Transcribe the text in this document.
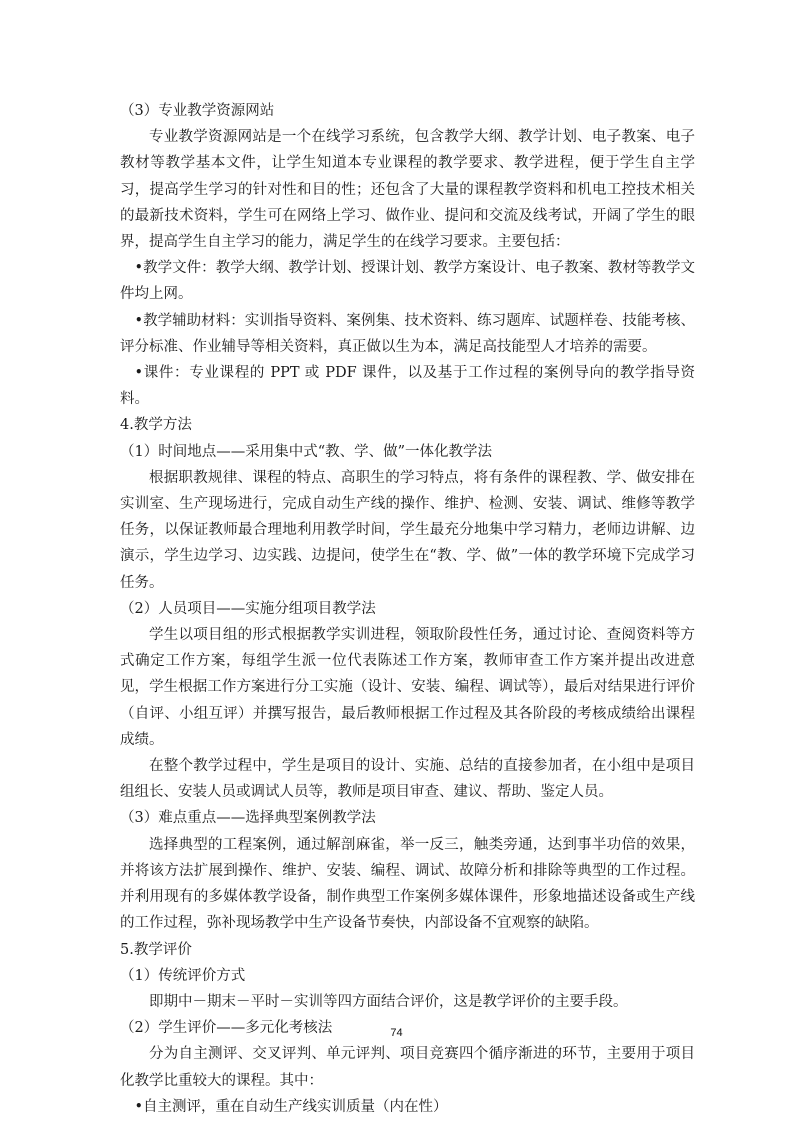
（3）专业教学资源网站

专业教学资源网站是一个在线学习系统，包含教学大纲、教学计划、电子教案、电子教材等教学基本文件，让学生知道本专业课程的教学要求、教学进程，便于学生自主学习，提高学生学习的针对性和目的性；还包含了大量的课程教学资料和机电工控技术相关的最新技术资料，学生可在网络上学习、做作业、提问和交流及线考试，开阔了学生的眼界，提高学生自主学习的能力，满足学生的在线学习要求。主要包括：

•教学文件：教学大纲、教学计划、授课计划、教学方案设计、电子教案、教材等教学文件均上网。

•教学辅助材料：实训指导资料、案例集、技术资料、练习题库、试题样卷、技能考核、评分标准、作业辅导等相关资料，真正做以生为本，满足高技能型人才培养的需要。

•课件：专业课程的 PPT 或 PDF 课件，以及基于工作过程的案例导向的教学指导资料。

4.教学方法

（1）时间地点——采用集中式“教、学、做”一体化教学法

根据职教规律、课程的特点、高职生的学习特点，将有条件的课程教、学、做安排在实训室、生产现场进行，完成自动生产线的操作、维护、检测、安装、调试、维修等教学任务，以保证教师最合理地利用教学时间，学生最充分地集中学习精力，老师边讲解、边演示，学生边学习、边实践、边提问，使学生在“教、学、做”一体的教学环境下完成学习任务。

（2）人员项目——实施分组项目教学法

学生以项目组的形式根据教学实训进程，领取阶段性任务，通过讨论、查阅资料等方式确定工作方案，每组学生派一位代表陈述工作方案，教师审查工作方案并提出改进意见，学生根据工作方案进行分工实施（设计、安装、编程、调试等），最后对结果进行评价（自评、小组互评）并撰写报告，最后教师根据工作过程及其各阶段的考核成绩给出课程成绩。

在整个教学过程中，学生是项目的设计、实施、总结的直接参加者，在小组中是项目组组长、安装人员或调试人员等，教师是项目审查、建议、帮助、鉴定人员。

（3）难点重点——选择典型案例教学法

选择典型的工程案例，通过解剖麻雀，举一反三，触类旁通，达到事半功倍的效果，并将该方法扩展到操作、维护、安装、编程、调试、故障分析和排除等典型的工作过程。并利用现有的多媒体教学设备，制作典型工作案例多媒体课件，形象地描述设备或生产线的工作过程，弥补现场教学中生产设备节奏快，内部设备不宜观察的缺陷。

5.教学评价

（1）传统评价方式

即期中－期末－平时－实训等四方面结合评价，这是教学评价的主要手段。

（2）学生评价——多元化考核法

分为自主测评、交叉评判、单元评判、项目竞赛四个循序渐进的环节，主要用于项目化教学比重较大的课程。其中：

•自主测评，重在自动生产线实训质量（内在性）

74
